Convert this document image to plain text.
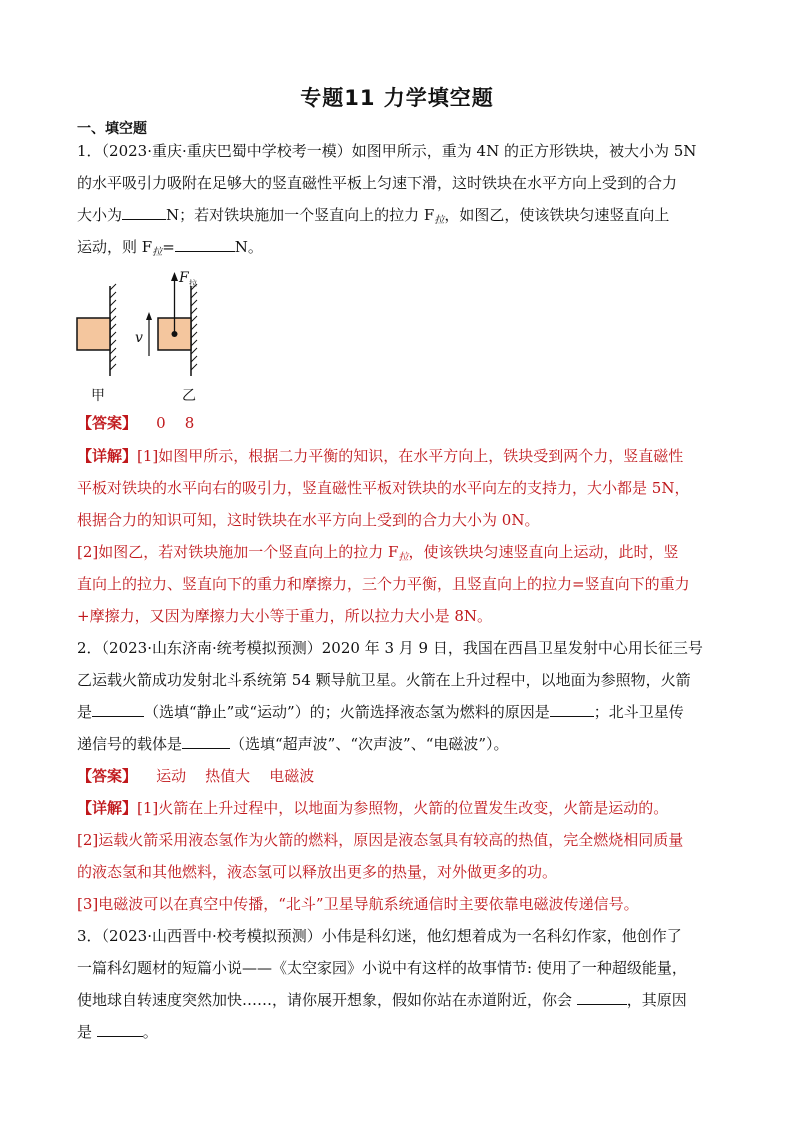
专题11 力学填空题
一、填空题
1．（2023·重庆·重庆巴蜀中学校考一模）如图甲所示，重为 4N 的正方形铁块，被大小为 5N
的水平吸引力吸附在足够大的竖直磁性平板上匀速下滑，这时铁块在水平方向上受到的合力
大小为	N；若对铁块施加一个竖直向上的拉力 $F_拉$，如图乙，使该铁块匀速竖直向上
运动，则 $F_拉=$	N。
甲
F 拉
v
乙
【答案】 0    8
【详解】[1]如图甲所示，根据二力平衡的知识，在水平方向上，铁块受到两个力，竖直磁性
平板对铁块的水平向右的吸引力，竖直磁性平板对铁块的水平向左的支持力，大小都是 5N，
根据合力的知识可知，这时铁块在水平方向上受到的合力大小为 0N。
[2]如图乙，若对铁块施加一个竖直向上的拉力 $F_拉$，使该铁块匀速竖直向上运动，此时，竖
直向上的拉力、竖直向下的重力和摩擦力，三个力平衡，且竖直向上的拉力=竖直向下的重力
+摩擦力，又因为摩擦力大小等于重力，所以拉力大小是 8N。
2．（2023·山东济南·统考模拟预测）2020 年 3 月 9 日，我国在西昌卫星发射中心用长征三号
乙运载火箭成功发射北斗系统第 54 颗导航卫星。火箭在上升过程中，以地面为参照物，火箭
是	（选填“静止”或“运动”）的；火箭选择液态氢为燃料的原因是	；北斗卫星传
递信号的载体是	（选填“超声波”、“次声波”、“电磁波”）。
【答案】 运动    热值大    电磁波
【详解】[1]火箭在上升过程中，以地面为参照物，火箭的位置发生改变，火箭是运动的。
[2]运载火箭采用液态氢作为火箭的燃料，原因是液态氢具有较高的热值，完全燃烧相同质量
的液态氢和其他燃料，液态氢可以释放出更多的热量，对外做更多的功。
[3]电磁波可以在真空中传播，“北斗”卫星导航系统通信时主要依靠电磁波传递信号。
3．（2023·山西晋中·校考模拟预测）小伟是科幻迷，他幻想着成为一名科幻作家，他创作了
一篇科幻题材的短篇小说——《太空家园》小说中有这样的故事情节: 使用了一种超级能量，
使地球自转速度突然加快……，请你展开想象，假如你站在赤道附近，你会	，其原因
是	。
